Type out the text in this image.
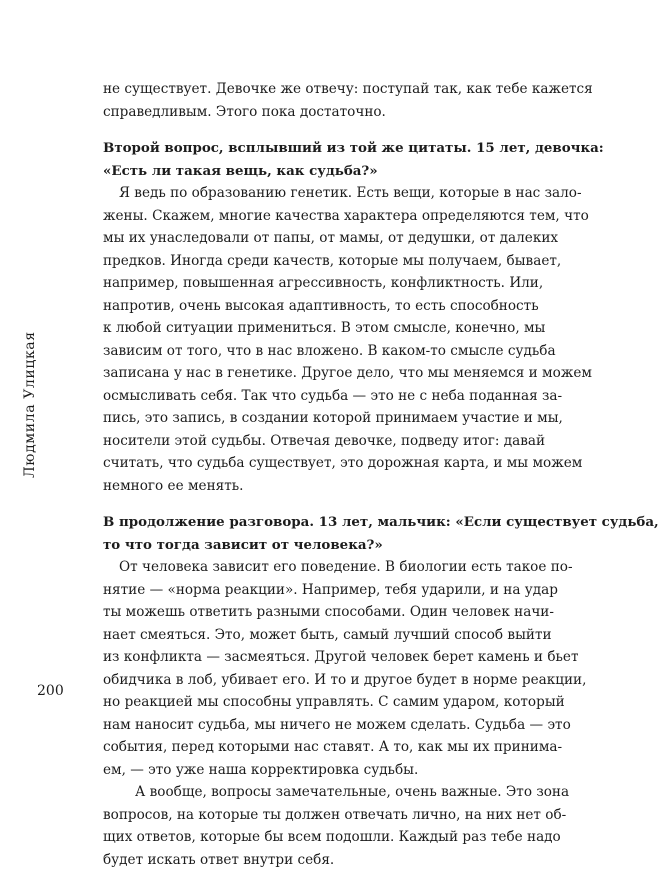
Людмила Улицкая
не существует. Девочке же отвечу: поступай так, как тебе кажется
справедливым. Этого пока достаточно.
Второй вопрос, всплывший из той же цитаты. 15 лет, девочка:
«Есть ли такая вещь, как судьба?»
Я ведь по образованию генетик. Есть вещи, которые в нас зало-
жены. Скажем, многие качества характера определяются тем, что
мы их унаследовали от папы, от мамы, от дедушки, от далеких
предков. Иногда среди качеств, которые мы получаем, бывает,
например, повышенная агрессивность, конфликтность. Или,
напротив, очень высокая адаптивность, то есть способность
к любой ситуации примениться. В этом смысле, конечно, мы
зависим от того, что в нас вложено. В каком-то смысле судьба
записана у нас в генетике. Другое дело, что мы меняемся и можем
осмысливать себя. Так что судьба — это не с неба поданная за-
пись, это запись, в создании которой принимаем участие и мы,
носители этой судьбы. Отвечая девочке, подведу итог: давай
считать, что судьба существует, это дорожная карта, и мы можем
немного ее менять.
В продолжение разговора. 13 лет, мальчик: «Если существует судьба,
то что тогда зависит от человека?»
От человека зависит его поведение. В биологии есть такое по-
нятие — «норма реакции». Например, тебя ударили, и на удар
ты можешь ответить разными способами. Один человек начи-
нает смеяться. Это, может быть, самый лучший способ выйти
из конфликта — засмеяться. Другой человек берет камень и бьет
обидчика в лоб, убивает его. И то и другое будет в норме реакции,
но реакцией мы способны управлять. С самим ударом, который
нам наносит судьба, мы ничего не можем сделать. Судьба — это
события, перед которыми нас ставят. А то, как мы их принима-
ем, — это уже наша корректировка судьбы.
А вообще, вопросы замечательные, очень важные. Это зона
вопросов, на которые ты должен отвечать лично, на них нет об-
щих ответов, которые бы всем подошли. Каждый раз тебе надо
будет искать ответ внутри себя.
200
